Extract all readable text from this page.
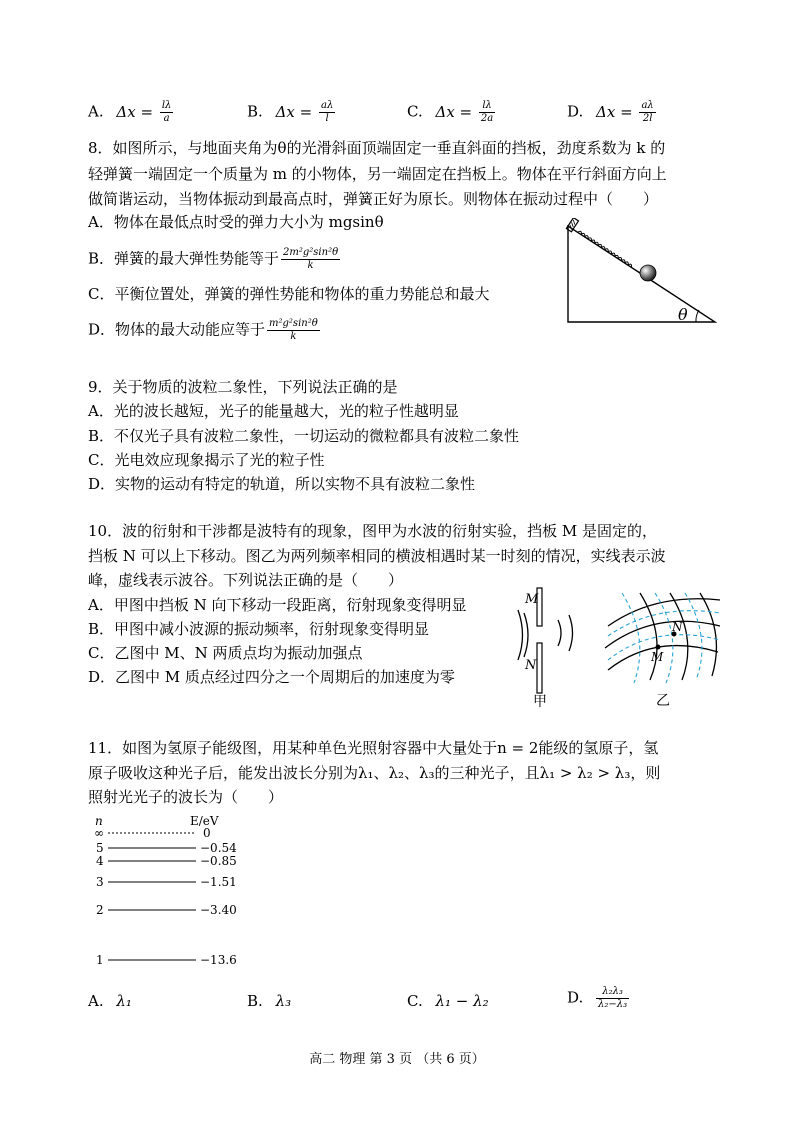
A. $\Delta x = \frac{l\lambda}{a}$	B. $\Delta x = \frac{a\lambda}{l}$	C. $\Delta x = \frac{l\lambda}{2a}$	D. $\Delta x = \frac{a\lambda}{2l}$
8．如图所示，与地面夹角为θ的光滑斜面顶端固定一垂直斜面的挡板，劲度系数为 k 的
轻弹簧一端固定一个质量为 m 的小物体，另一端固定在挡板上。物体在平行斜面方向上
做简谐运动，当物体振动到最高点时，弹簧正好为原长。则物体在振动过程中（　　）
A．物体在最低点时受的弹力大小为 mgsinθ
B．弹簧的最大弹性势能等于 $\frac{\text{2m²g²sin²θ}}{k}$
C．平衡位置处，弹簧的弹性势能和物体的重力势能总和最大
D．物体的最大动能应等于 $\frac{\text{m²g²sin²θ}}{k}$
θ
9．关于物质的波粒二象性，下列说法正确的是
A．光的波长越短，光子的能量越大，光的粒子性越明显
B．不仅光子具有波粒二象性，一切运动的微粒都具有波粒二象性
C．光电效应现象揭示了光的粒子性
D．实物的运动有特定的轨道，所以实物不具有波粒二象性
10．波的衍射和干涉都是波特有的现象，图甲为水波的衍射实验，挡板 M 是固定的，
挡板 N 可以上下移动。图乙为两列频率相同的横波相遇时某一时刻的情况，实线表示波
峰，虚线表示波谷。下列说法正确的是（　　）
A．甲图中挡板 N 向下移动一段距离，衍射现象变得明显
B．甲图中减小波源的振动频率，衍射现象变得明显
C．乙图中 M、N 两质点均为振动加强点
D．乙图中 M 质点经过四分之一个周期后的加速度为零
M
N
甲
N
M
乙
11．如图为氢原子能级图，用某种单色光照射容器中大量处于n = 2能级的氢原子，氢
原子吸收这种光子后，能发出波长分别为λ₁、λ₂、λ₃的三种光子，且λ₁ > λ₂ > λ₃，则
照射光光子的波长为（　　）
n	E/eV
∞	0
5	−0.54
4	−0.85
3	−1.51
2	−3.40
1	−13.6
A. λ₁	B. λ₃	C. λ₁ − λ₂	D. $\frac{\text{λ₂λ₃}}{\text{λ₂−λ₃}}$
高二 物理 第 3 页 （共 6 页）
